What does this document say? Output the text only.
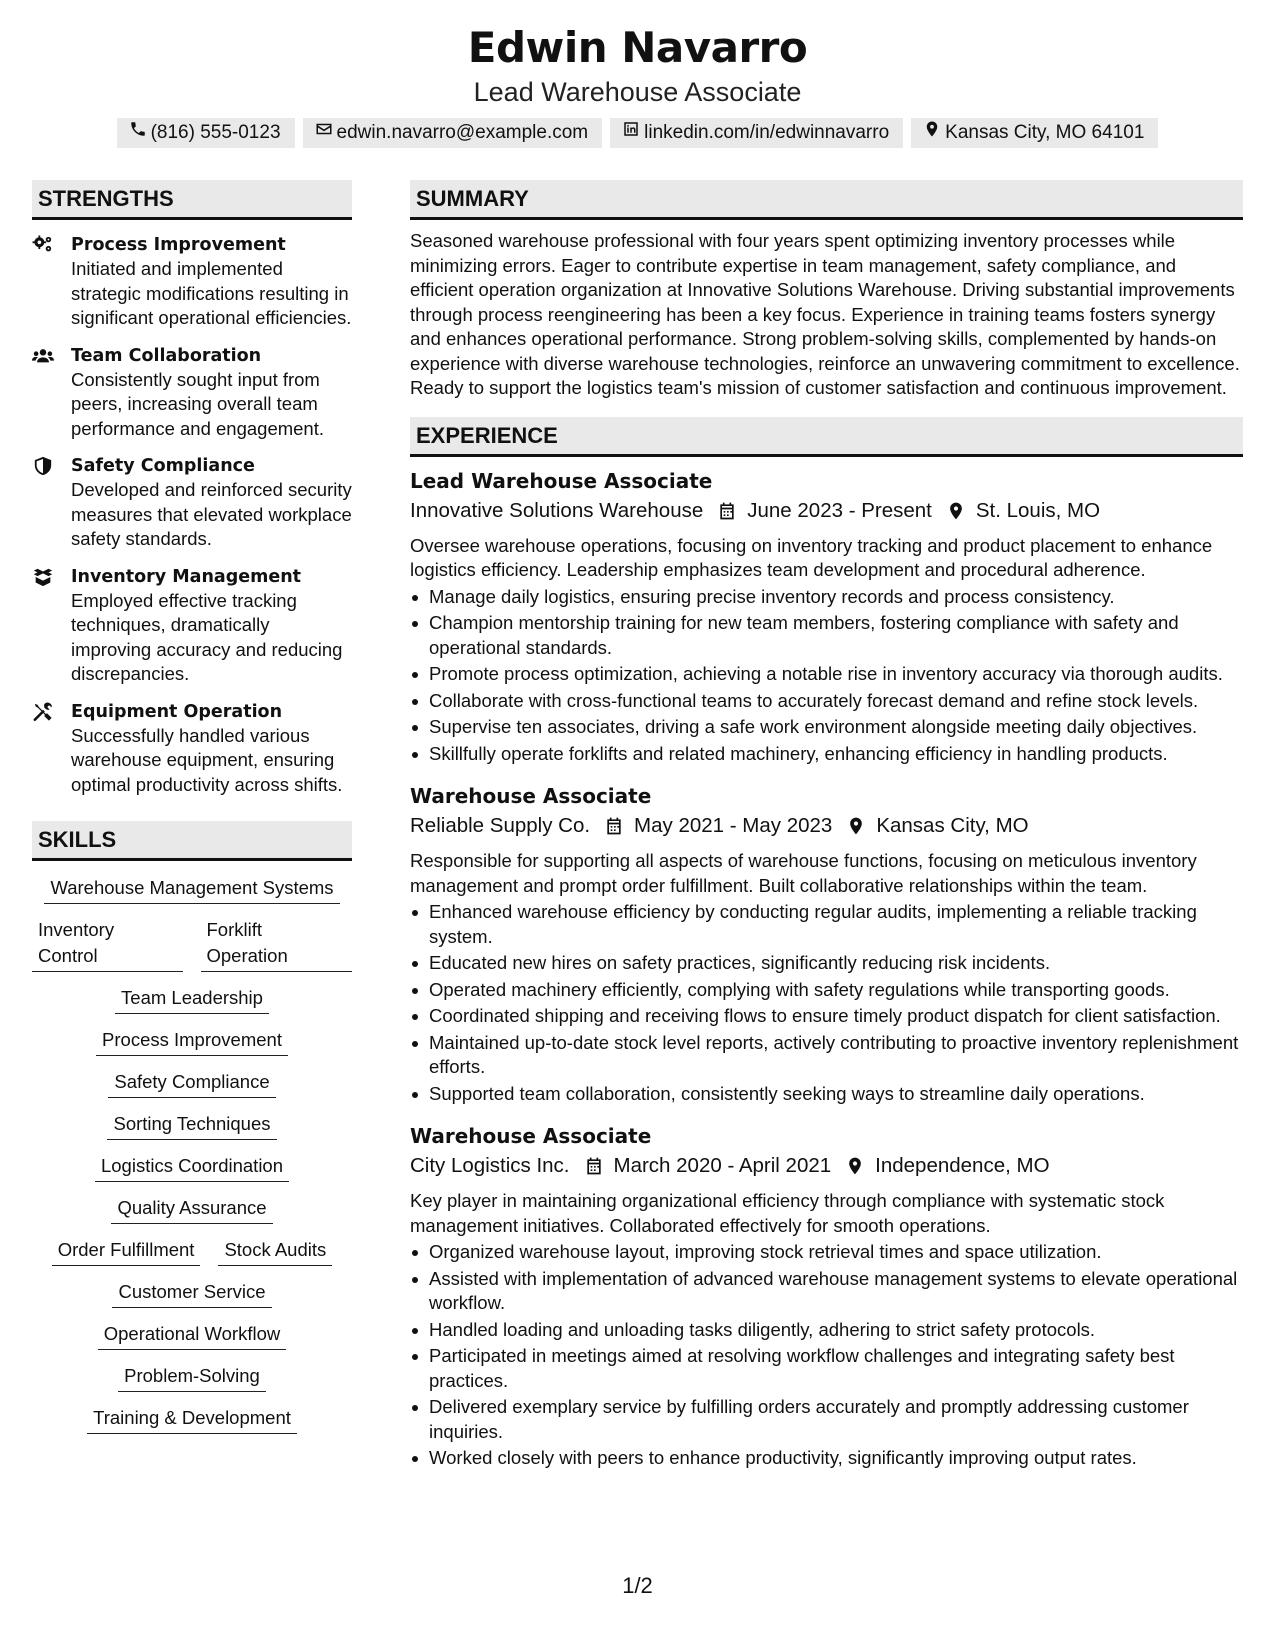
Edwin Navarro
Lead Warehouse Associate
(816) 555-0123	edwin.navarro@example.com	linkedin.com/in/edwinnavarro	Kansas City, MO 64101
STRENGTHS
Process Improvement
Initiated and implemented strategic modifications resulting in significant operational efficiencies.
Team Collaboration
Consistently sought input from peers, increasing overall team performance and engagement.
Safety Compliance
Developed and reinforced security measures that elevated workplace safety standards.
Inventory Management
Employed effective tracking techniques, dramatically improving accuracy and reducing discrepancies.
Equipment Operation
Successfully handled various warehouse equipment, ensuring optimal productivity across shifts.
SKILLS
Warehouse Management Systems
Inventory Control
Forklift Operation
Team Leadership
Process Improvement
Safety Compliance
Sorting Techniques
Logistics Coordination
Quality Assurance
Order Fulfillment	Stock Audits
Customer Service
Operational Workflow
Problem-Solving
Training & Development
SUMMARY
Seasoned warehouse professional with four years spent optimizing inventory processes while minimizing errors. Eager to contribute expertise in team management, safety compliance, and efficient operation organization at Innovative Solutions Warehouse. Driving substantial improvements through process reengineering has been a key focus. Experience in training teams fosters synergy and enhances operational performance. Strong problem-solving skills, complemented by hands-on experience with diverse warehouse technologies, reinforce an unwavering commitment to excellence. Ready to support the logistics team's mission of customer satisfaction and continuous improvement.
EXPERIENCE
Lead Warehouse Associate
Innovative Solutions Warehouse June 2023 - Present St. Louis, MO
Oversee warehouse operations, focusing on inventory tracking and product placement to enhance logistics efficiency. Leadership emphasizes team development and procedural adherence.
Manage daily logistics, ensuring precise inventory records and process consistency.
Champion mentorship training for new team members, fostering compliance with safety and operational standards.
Promote process optimization, achieving a notable rise in inventory accuracy via thorough audits.
Collaborate with cross-functional teams to accurately forecast demand and refine stock levels.
Supervise ten associates, driving a safe work environment alongside meeting daily objectives.
Skillfully operate forklifts and related machinery, enhancing efficiency in handling products.
Warehouse Associate
Reliable Supply Co. May 2021 - May 2023 Kansas City, MO
Responsible for supporting all aspects of warehouse functions, focusing on meticulous inventory management and prompt order fulfillment. Built collaborative relationships within the team.
Enhanced warehouse efficiency by conducting regular audits, implementing a reliable tracking system.
Educated new hires on safety practices, significantly reducing risk incidents.
Operated machinery efficiently, complying with safety regulations while transporting goods.
Coordinated shipping and receiving flows to ensure timely product dispatch for client satisfaction.
Maintained up-to-date stock level reports, actively contributing to proactive inventory replenishment efforts.
Supported team collaboration, consistently seeking ways to streamline daily operations.
Warehouse Associate
City Logistics Inc. March 2020 - April 2021 Independence, MO
Key player in maintaining organizational efficiency through compliance with systematic stock management initiatives. Collaborated effectively for smooth operations.
Organized warehouse layout, improving stock retrieval times and space utilization.
Assisted with implementation of advanced warehouse management systems to elevate operational workflow.
Handled loading and unloading tasks diligently, adhering to strict safety protocols.
Participated in meetings aimed at resolving workflow challenges and integrating safety best practices.
Delivered exemplary service by fulfilling orders accurately and promptly addressing customer inquiries.
Worked closely with peers to enhance productivity, significantly improving output rates.
1/2
